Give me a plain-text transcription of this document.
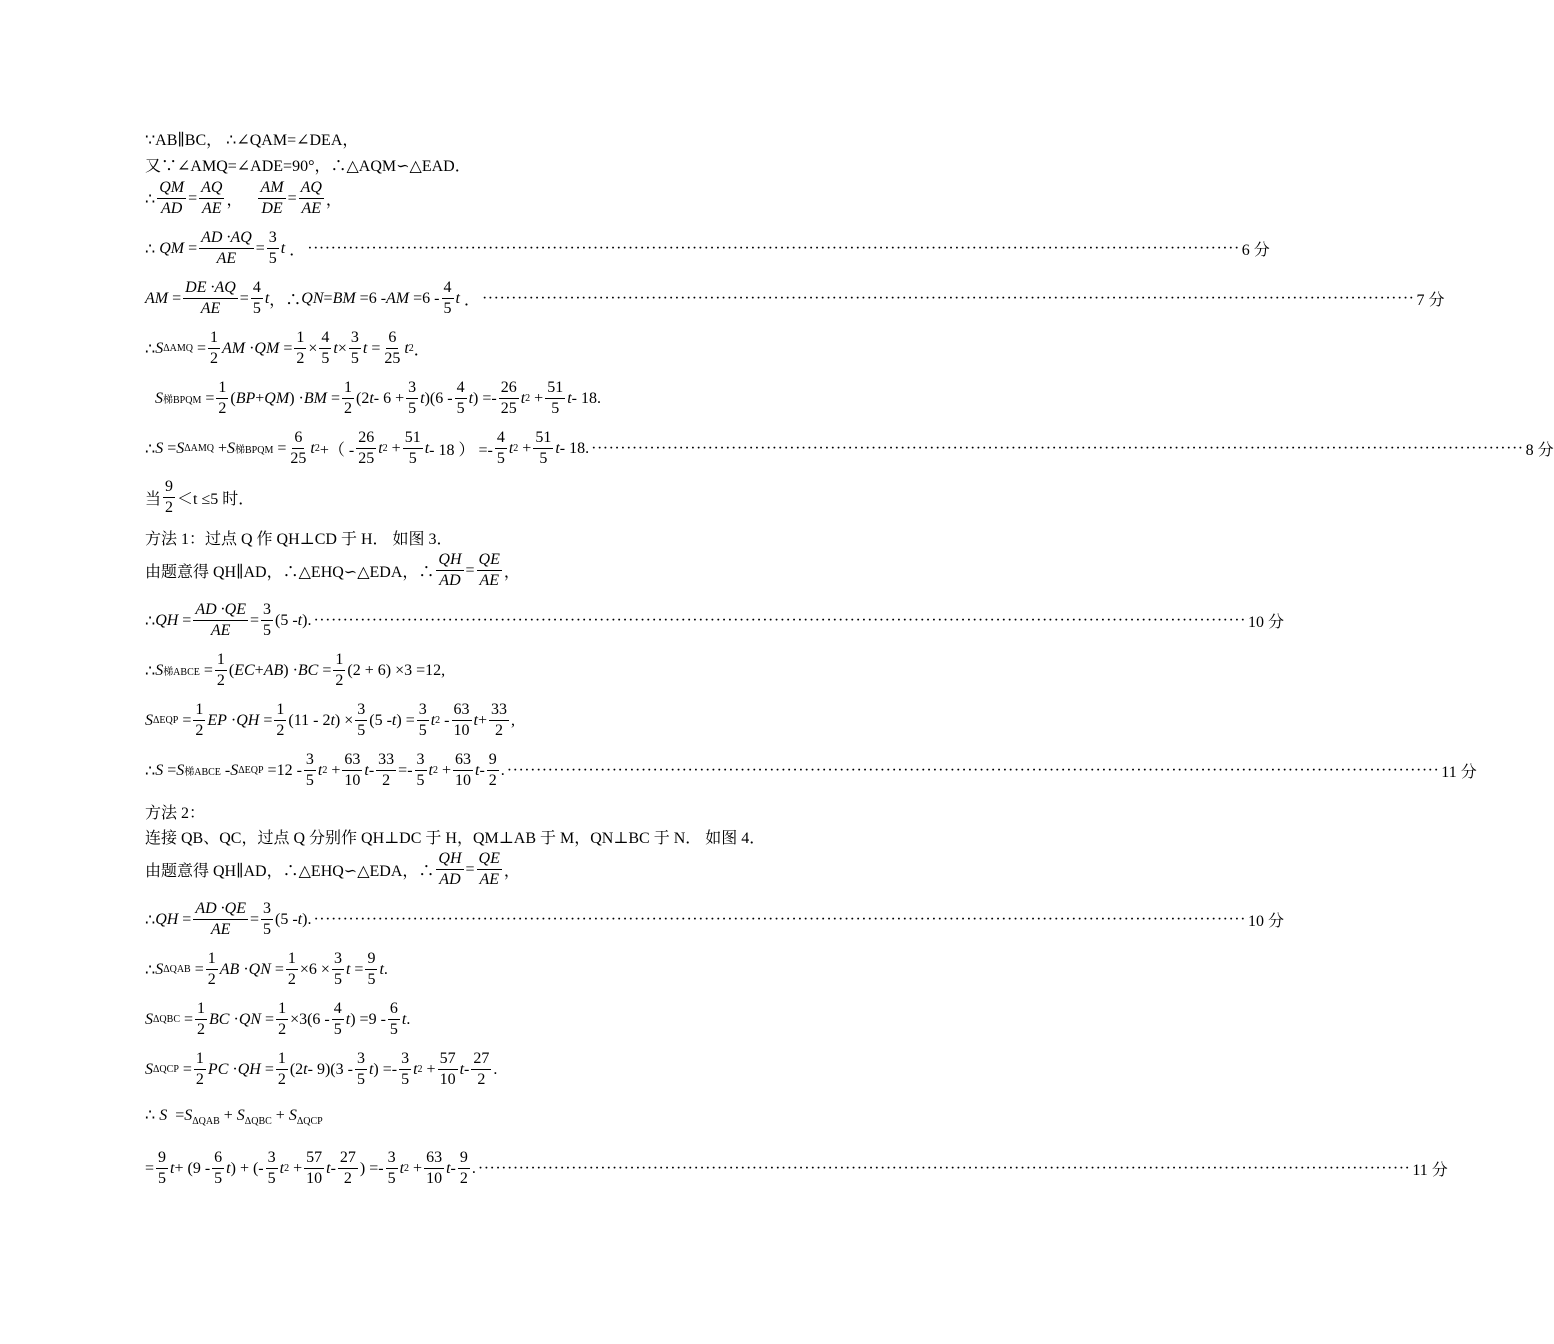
∵AB∥BC， ∴∠QAM=∠DEA，
又∵∠AMQ=∠ADE=90°，∴△AQM∽△EAD．
∴ $\frac{QM}{AD} = \frac{AQ}{AE}$ ， $\frac{AM}{DE} = \frac{AQ}{AE}$ ，
∴ QM = $\frac{AD \cdot AQ}{AE} = \frac{3}{5}$ t ． ································································································································································ 6 分
AM = $\frac{DE \cdot AQ}{AE} = \frac{4}{5}$ t ，∴ QN = BM =6 - AM $=6 - \frac{4}{5}$ t ． ································································································································································ 7 分
∴ S $\Delta AMQ = \frac{1}{2}$ AM · QM = $\frac{1}{2} \times \frac{4}{5}$ $t \times \frac{3}{5}$ $t = \frac{6}{25}$ t 2 ．
S 梯BPQM = $\frac{1}{2}$ ( BP + QM ) · BM = $\frac{1}{2} (2$ $t - 6 + \frac{3}{5}$ t )($6 - \frac{4}{5}$ t ) =- $\frac{26}{25}$ t $2 + \frac{51}{5}$ t - 18.
∴ S = S ΔAMQ + S 梯BPQM = $\frac{6}{25}$ t 2 +（ - $\frac{26}{25}$ t $2 + \frac{51}{5}$ t - 18 ） =- $\frac{4}{5}$ t $2 + \frac{51}{5}$ t - 18. ································································································································································ 8 分
当 $\frac{9}{2} <t \le 5$ 时．
方法 1：过点 Q 作 QH⊥CD 于 H． 如图 3．
由题意得 QH∥AD，∴△EHQ∽△EDA，∴ $\frac{QH}{AD} = \frac{QE}{AE}$ ，
∴ QH = $\frac{AD \cdot QE}{AE} = \frac{3}{5} (5 - t$ ). ································································································································································ 10 分
∴ S 梯ABCE = $\frac{1}{2}$ ( EC + AB ) · BC = $\frac{1}{2} (2 + 6) \times 3 =12$,
S $\Delta EQP = \frac{1}{2}$ EP · QH = $\frac{1}{2} (11 - 2$ t ) × $\frac{3}{5} (5$ - t ) = $\frac{3}{5}$ t $2 - \frac{63}{10}$ $t + \frac{33}{2}$ ,
∴ S = S 梯ABCE - S $\Delta EQP =12 - \frac{3}{5}$ t $2 + \frac{63}{10}$ $t - \frac{33}{2} =- \frac{3}{5}$ t $2 + \frac{63}{10}$ t - $\frac{9}{2}$ . ································································································································································ 11 分
方法 2：
连接 QB、QC，过点 Q 分别作 QH⊥DC 于 H，QM⊥AB 于 M，QN⊥BC 于 N． 如图 4．
由题意得 QH∥AD，∴△EHQ∽△EDA，∴ $\frac{QH}{AD} = \frac{QE}{AE}$ ，
∴ QH = $\frac{AD \cdot QE}{AE} = \frac{3}{5} (5 - t$ ). ································································································································································ 10 分
∴ S $\Delta QAB = \frac{1}{2}$ AB · QN = $\frac{1}{2} \times 6 \times \frac{3}{5}$ $t = \frac{9}{5}$ t .
S $\Delta QBC = \frac{1}{2}$ BC · QN = $\frac{1}{2} \times 3(6 - \frac{4}{5}$ t ) $=9 - \frac{6}{5}$ t .
S $\Delta QCP = \frac{1}{2}$ PC · QH = $\frac{1}{2} (2$ t - $9)(3 - \frac{3}{5}$ t ) =- $\frac{3}{5}$ t $2 + \frac{57}{10}$ t - $\frac{27}{2}$ .
∴ $S =S_{\Delta QAB} + S_{\Delta QBC} + S_{\Delta QCP}$
= $\frac{9}{5}$ $t + (9 - \frac{6}{5}$ t ) + (- $\frac{3}{5}$ t $2 + \frac{57}{10}$ t - $\frac{27}{2}$ ) =- $\frac{3}{5}$ t $2 + \frac{63}{10}$ t - $\frac{9}{2}$ . ································································································································································ 11 分
